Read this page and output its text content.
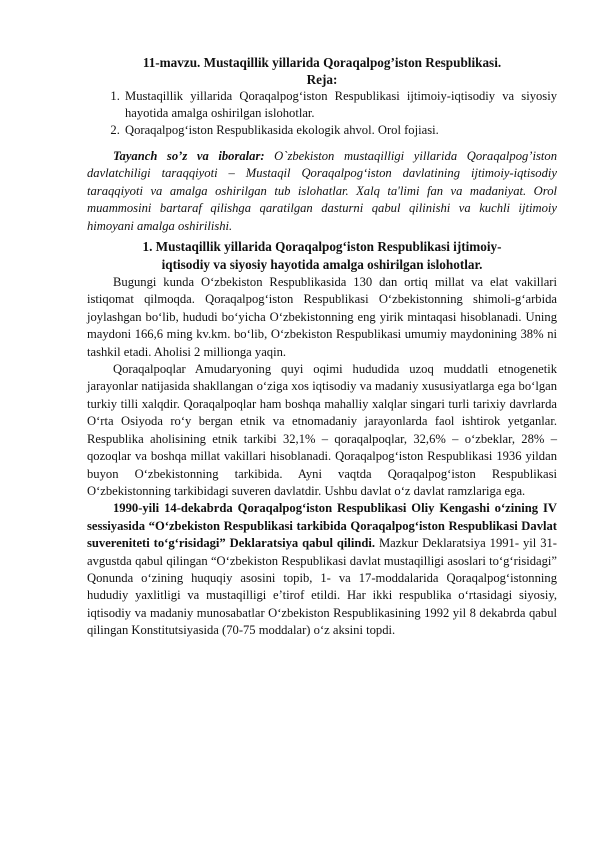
11-mavzu. Mustaqillik yillarida Qoraqalpog’iston Respublikasi.
Reja:
1. Mustaqillik yillarida Qoraqalpog‘iston Respublikasi ijtimoiy-iqtisodiy va siyosiy hayotida amalga oshirilgan islohotlar.
2. Qoraqalpog‘iston Respublikasida ekologik ahvol. Orol fojiasi.

Tayanch so’z va iboralar: O`zbekiston mustaqilligi yillarida Qoraqalpog’iston davlatchiligi taraqqiyoti – Mustaqil Qoraqalpog‘iston davlatining ijtimoiy-iqtisodiy taraqqiyoti va amalga oshirilgan tub islohatlar. Xalq ta'limi fan va madaniyat. Orol muammosini bartaraf qilishga qaratilgan dasturni qabul qilinishi va kuchli ijtimoiy himoyani amalga oshirilishi.

1. Mustaqillik yillarida Qoraqalpog‘iston Respublikasi ijtimoiy-iqtisodiy va siyosiy hayotida amalga oshirilgan islohotlar.

Bugungi kunda O‘zbekiston Respublikasida 130 dan ortiq millat va elat vakillari istiqomat qilmoqda. Qoraqalpog‘iston Respublikasi O‘zbekistonning shimoli-g‘arbida joylashgan bo‘lib, hududi bo‘yicha O‘zbekistonning eng yirik mintaqasi hisoblanadi. Uning maydoni 166,6 ming kv.km. bo‘lib, O‘zbekiston Respublikasi umumiy maydonining 38% ni tashkil etadi. Aholisi 2 millionga yaqin.

Qoraqalpoqlar Amudaryoning quyi oqimi hududida uzoq muddatli etnogenetik jarayonlar natijasida shakllangan o‘ziga xos iqtisodiy va madaniy xususiyatlarga ega bo‘lgan turkiy tilli xalqdir. Qoraqalpoqlar ham boshqa mahalliy xalqlar singari turli tarixiy davrlarda O‘rta Osiyoda ro‘y bergan etnik va etnomadaniy jarayonlarda faol ishtirok yetganlar. Respublika aholisining etnik tarkibi 32,1% – qoraqalpoqlar, 32,6% – o‘zbeklar, 28% – qozoqlar va boshqa millat vakillari hisoblanadi. Qoraqalpog‘iston Respublikasi 1936 yildan buyon O‘zbekistonning tarkibida. Ayni vaqtda Qoraqalpog‘iston Respublikasi O‘zbekistonning tarkibidagi suveren davlatdir. Ushbu davlat o‘z davlat ramzlariga ega.

1990-yili 14-dekabrda Qoraqalpog‘iston Respublikasi Oliy Kengashi o‘zining IV sessiyasida “O‘zbekiston Respublikasi tarkibida Qoraqalpog‘iston Respublikasi Davlat suvereniteti to‘g‘risidagi” Deklaratsiya qabul qilindi. Mazkur Deklaratsiya 1991- yil 31-avgustda qabul qilingan “O‘zbekiston Respublikasi davlat mustaqilligi asoslari to‘g‘risidagi” Qonunda o‘zining huquqiy asosini topib, 1- va 17-moddalarida Qoraqalpog‘istonning hududiy yaxlitligi va mustaqilligi e’tirof etildi. Har ikki respublika o‘rtasidagi siyosiy, iqtisodiy va madaniy munosabatlar O‘zbekiston Respublikasining 1992 yil 8 dekabrda qabul qilingan Konstitutsiyasida (70-75 moddalar) o‘z aksini topdi.
